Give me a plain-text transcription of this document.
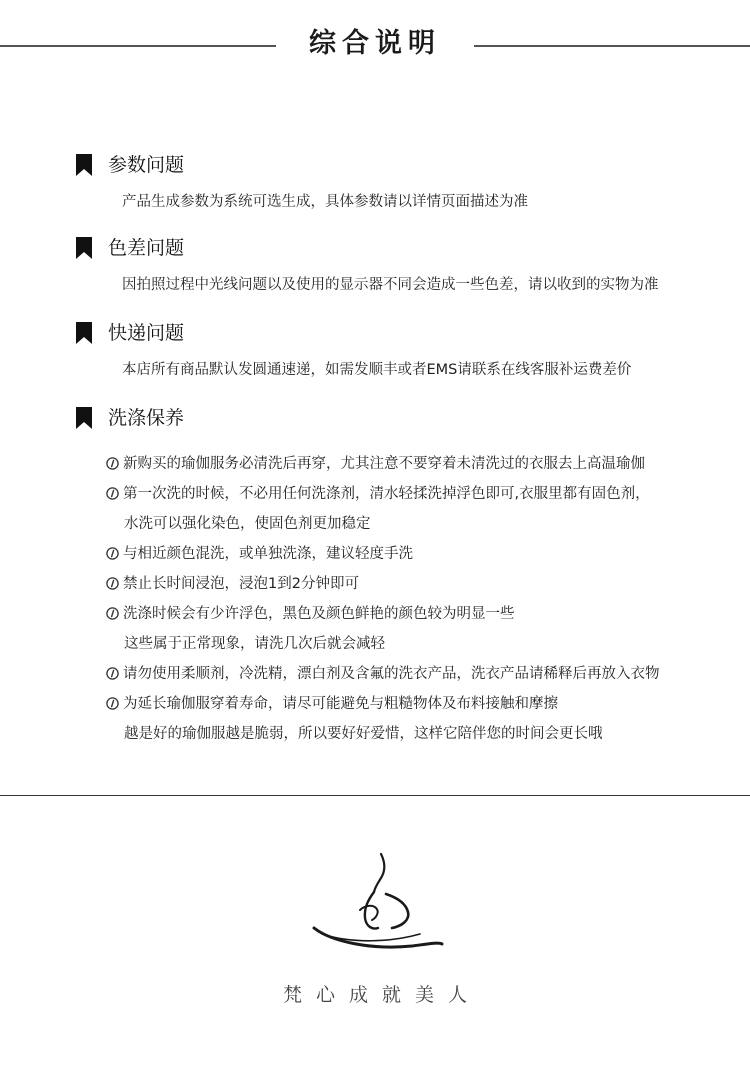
综合说明
参数问题
产品生成参数为系统可选生成，具体参数请以详情页面描述为准
色差问题
因拍照过程中光线问题以及使用的显示器不同会造成一些色差，请以收到的实物为准
快递问题
本店所有商品默认发圆通速递，如需发顺丰或者EMS请联系在线客服补运费差价
洗涤保养
新购买的瑜伽服务必清洗后再穿，尤其注意不要穿着未清洗过的衣服去上高温瑜伽
第一次洗的时候，不必用任何洗涤剂，清水轻揉洗掉浮色即可,衣服里都有固色剂，
水洗可以强化染色，使固色剂更加稳定
与相近颜色混洗，或单独洗涤，建议轻度手洗
禁止长时间浸泡，浸泡1到2分钟即可
洗涤时候会有少许浮色，黑色及颜色鲜艳的颜色较为明显一些
这些属于正常现象，请洗几次后就会减轻
请勿使用柔顺剂，冷洗精，漂白剂及含氟的洗衣产品，洗衣产品请稀释后再放入衣物
为延长瑜伽服穿着寿命，请尽可能避免与粗糙物体及布料接触和摩擦
越是好的瑜伽服越是脆弱，所以要好好爱惜，这样它陪伴您的时间会更长哦
梵心成就美人
